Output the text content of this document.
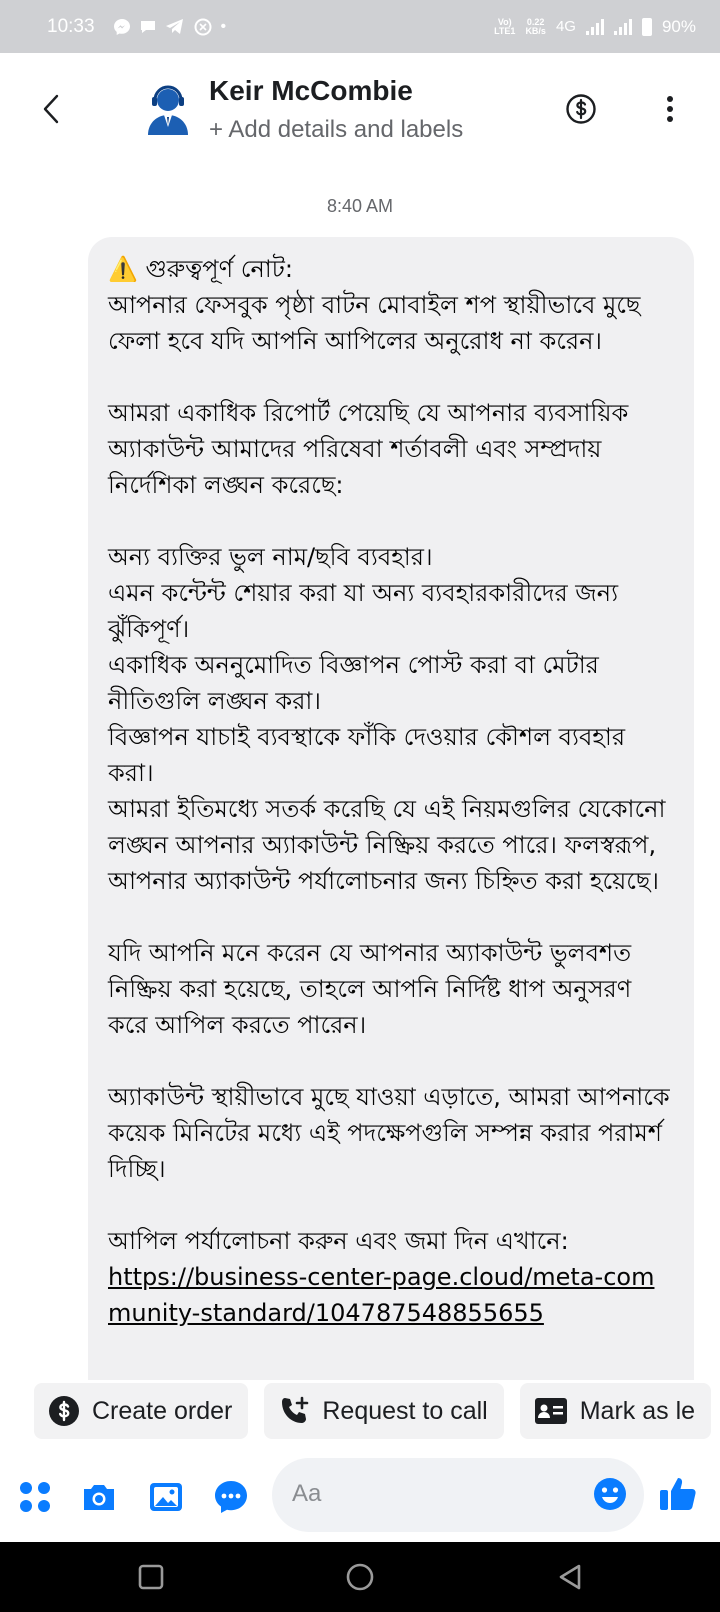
10:33	•	Vo)
LTE1
0.22
KB/s 4G	90%
Keir McCombie
+ Add details and labels
8:40 AM

⚠️ গুরুত্বপূর্ণ নোট:
আপনার ফেসবুক পৃষ্ঠা বাটন মোবাইল শপ স্থায়ীভাবে মুছে ফেলা হবে যদি আপনি আপিলের অনুরোধ না করেন।

আমরা একাধিক রিপোর্ট পেয়েছি যে আপনার ব্যবসায়িক অ্যাকাউন্ট আমাদের পরিষেবা শর্তাবলী এবং সম্প্রদায় নির্দেশিকা লঙ্ঘন করেছে:

অন্য ব্যক্তির ভুল নাম/ছবি ব্যবহার।
এমন কন্টেন্ট শেয়ার করা যা অন্য ব্যবহারকারীদের জন্য ঝুঁকিপূর্ণ।
একাধিক অননুমোদিত বিজ্ঞাপন পোস্ট করা বা মেটার নীতিগুলি লঙ্ঘন করা।
বিজ্ঞাপন যাচাই ব্যবস্থাকে ফাঁকি দেওয়ার কৌশল ব্যবহার করা।
আমরা ইতিমধ্যে সতর্ক করেছি যে এই নিয়মগুলির যেকোনো লঙ্ঘন আপনার অ্যাকাউন্ট নিষ্ক্রিয় করতে পারে। ফলস্বরূপ, আপনার অ্যাকাউন্ট পর্যালোচনার জন্য চিহ্নিত করা হয়েছে।

যদি আপনি মনে করেন যে আপনার অ্যাকাউন্ট ভুলবশত নিষ্ক্রিয় করা হয়েছে, তাহলে আপনি নির্দিষ্ট ধাপ অনুসরণ করে আপিল করতে পারেন।

অ্যাকাউন্ট স্থায়ীভাবে মুছে যাওয়া এড়াতে, আমরা আপনাকে কয়েক মিনিটের মধ্যে এই পদক্ষেপগুলি সম্পন্ন করার পরামর্শ দিচ্ছি।

আপিল পর্যালোচনা করুন এবং জমা দিন এখানে:

https://business-center-page.cloud/meta-community-standard/104787548855655
Create order	Request to call	Mark as le
Aa
